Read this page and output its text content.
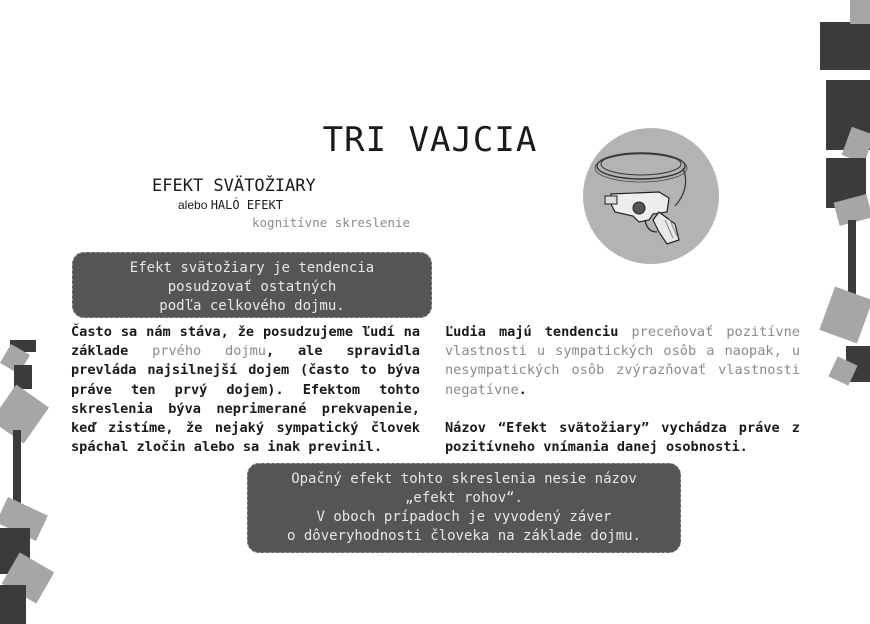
TRI VAJCIA
EFEKT SVÄTOŽIARY
alebo HALÓ EFEKT
kognitívne skreslenie
Efekt svätožiary je tendencia
posudzovať ostatných
podľa celkového dojmu.
Často sa nám stáva, že posudzujeme ľudí na základe prvého dojmu, ale spravidla prevláda najsilnejší dojem (často to býva práve ten prvý dojem). Efektom tohto skreslenia býva neprimerané prekvapenie, keď zistíme, že nejaký sympatický človek spáchal zločin alebo sa inak previnil.

Ľudia majú tendenciu preceňovať pozitívne vlastnosti u sympatických osôb a naopak, u nesympatických osôb zvýrazňovať vlastnosti negatívne.

Názov “Efekt svätožiary” vychádza práve z pozitívneho vnímania danej osobnosti.

Opačný efekt tohto skreslenia nesie názov
„efekt rohov“.
V oboch prípadoch je vyvodený záver
o dôveryhodnosti človeka na základe dojmu.
